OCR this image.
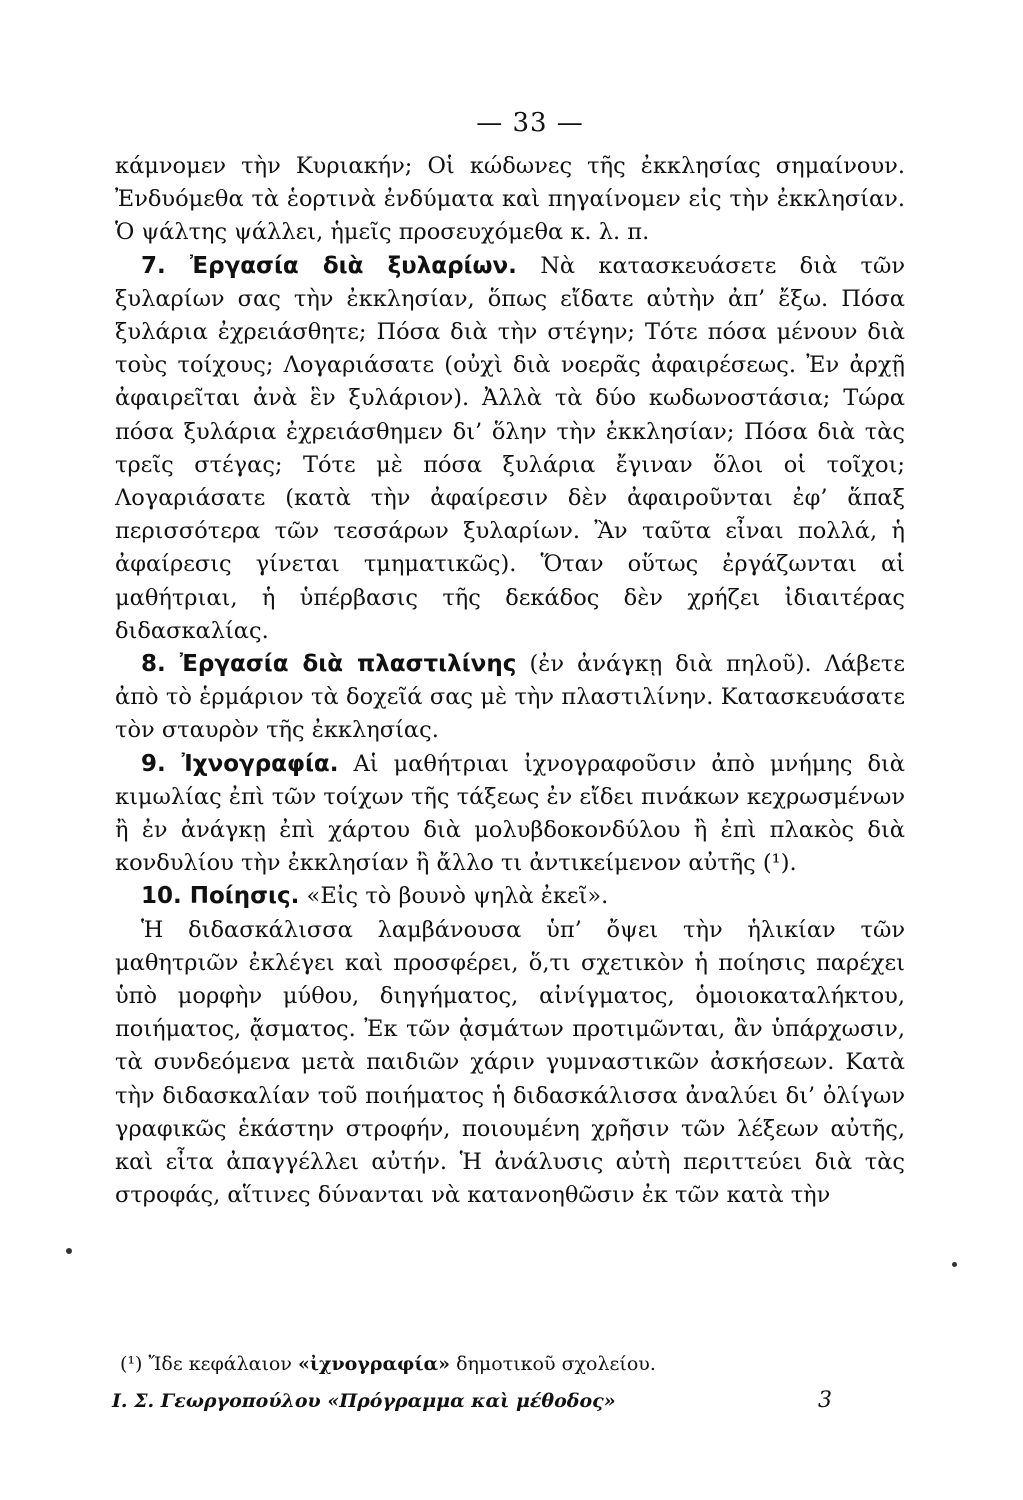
— 33 —

κάμνομεν τὴν Κυριακήν; Οἱ κώδωνες τῆς ἐκκλησίας σημαίνουν. Ἐνδυόμεθα τὰ ἑορτινὰ ἐνδύματα καὶ πηγαίνομεν εἰς τὴν ἐκκλησίαν. Ὁ ψάλτης ψάλλει, ἡμεῖς προσευχόμεθα κ. λ. π.

7. Ἐργασία διὰ ξυλαρίων. Νὰ κατασκευάσετε διὰ τῶν ξυλαρίων σας τὴν ἐκκλησίαν, ὅπως εἴδατε αὐτὴν ἀπ’ ἔξω. Πόσα ξυλάρια ἐχρειάσθητε; Πόσα διὰ τὴν στέγην; Τότε πόσα μένουν διὰ τοὺς τοίχους; Λογαριάσατε (οὐχὶ διὰ νοερᾶς ἀφαιρέσεως. Ἐν ἀρχῇ ἀφαιρεῖται ἀνὰ ἓν ξυλάριον). Ἀλλὰ τὰ δύο κωδωνοστάσια; Τώρα πόσα ξυλάρια ἐχρειάσθημεν δι’ ὅλην τὴν ἐκκλησίαν; Πόσα διὰ τὰς τρεῖς στέγας; Τότε μὲ πόσα ξυλάρια ἔγιναν ὅλοι οἱ τοῖχοι; Λογαριάσατε (κατὰ τὴν ἀφαίρεσιν δὲν ἀφαιροῦνται ἐφ’ ἅπαξ περισσότερα τῶν τεσσάρων ξυλαρίων. Ἂν ταῦτα εἶναι πολλά, ἡ ἀφαίρεσις γίνεται τμηματικῶς). Ὅταν οὕτως ἐργάζωνται αἱ μαθήτριαι, ἡ ὑπέρβασις τῆς δεκάδος δὲν χρήζει ἰδιαιτέρας διδασκαλίας.

8. Ἐργασία διὰ πλαστιλίνης (ἐν ἀνάγκῃ διὰ πηλοῦ). Λάβετε ἀπὸ τὸ ἑρμάριον τὰ δοχεῖά σας μὲ τὴν πλαστιλίνην. Κατασκευάσατε τὸν σταυρὸν τῆς ἐκκλησίας.

9. Ἰχνογραφία. Αἱ μαθήτριαι ἰχνογραφοῦσιν ἀπὸ μνήμης διὰ κιμωλίας ἐπὶ τῶν τοίχων τῆς τάξεως ἐν εἴδει πινάκων κεχρωσμένων ἢ ἐν ἀνάγκῃ ἐπὶ χάρτου διὰ μολυβδοκονδύλου ἢ ἐπὶ πλακὸς διὰ κονδυλίου τὴν ἐκκλησίαν ἢ ἄλλο τι ἀντικείμενον αὐτῆς (¹).

10. Ποίησις. «Εἰς τὸ βουνὸ ψηλὰ ἐκεῖ».

Ἡ διδασκάλισσα λαμβάνουσα ὑπ’ ὄψει τὴν ἡλικίαν τῶν μαθητριῶν ἐκλέγει καὶ προσφέρει, ὅ,τι σχετικὸν ἡ ποίησις παρέχει ὑπὸ μορφὴν μύθου, διηγήματος, αἰνίγματος, ὁμοιοκαταλήκτου, ποιήματος, ᾄσματος. Ἐκ τῶν ᾀσμάτων προτιμῶνται, ἂν ὑπάρχωσιν, τὰ συνδεόμενα μετὰ παιδιῶν χάριν γυμναστικῶν ἀσκήσεων. Κατὰ τὴν διδασκαλίαν τοῦ ποιήματος ἡ διδασκάλισσα ἀναλύει δι’ ὀλίγων γραφικῶς ἑκάστην στροφήν, ποιουμένη χρῆσιν τῶν λέξεων αὐτῆς, καὶ εἶτα ἀπαγγέλλει αὐτήν. Ἡ ἀνάλυσις αὐτὴ περιττεύει διὰ τὰς στροφάς, αἵτινες δύνανται νὰ κατανοηθῶσιν ἐκ τῶν κατὰ τὴν

(¹) Ἴδε κεφάλαιον «ἰχνογραφία» δημοτικοῦ σχολείου.
Ι. Σ. Γεωργοπούλου «Πρόγραμμα καὶ μέθοδος»	3
